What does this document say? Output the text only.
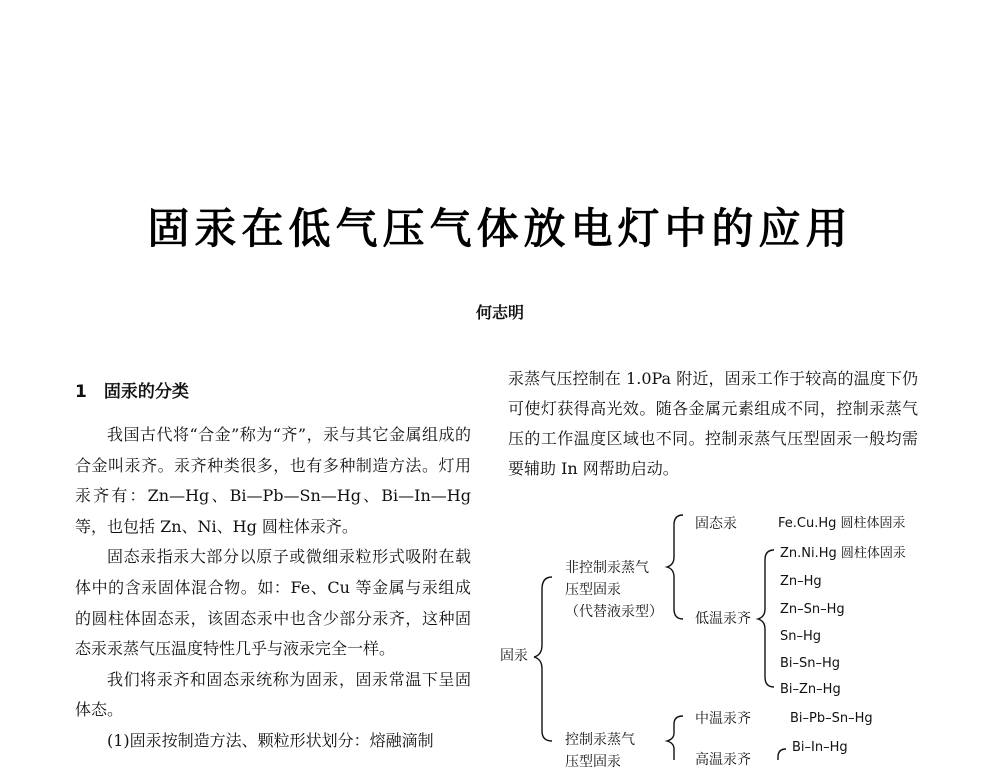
固汞在低气压气体放电灯中的应用
何志明
1　固汞的分类

我国古代将“合金”称为“齐”，汞与其它金属组成的合金叫汞齐。汞齐种类很多，也有多种制造方法。灯用汞齐有：Zn—Hg、Bi—Pb—Sn—Hg、Bi—In—Hg 等，也包括 Zn、Ni、Hg 圆柱体汞齐。

固态汞指汞大部分以原子或微细汞粒形式吸附在载体中的含汞固体混合物。如：Fe、Cu 等金属与汞组成的圆柱体固态汞，该固态汞中也含少部分汞齐，这种固态汞汞蒸气压温度特性几乎与液汞完全一样。

我们将汞齐和固态汞统称为固汞，固汞常温下呈固体态。

(1)固汞按制造方法、颗粒形状划分：熔融滴制

汞蒸气压控制在 1.0Pa 附近，固汞工作于较高的温度下仍可使灯获得高光效。随各金属元素组成不同，控制汞蒸气压的工作温度区域也不同。控制汞蒸气压型固汞一般均需要辅助 In 网帮助启动。

固汞
非控制汞蒸气
压型固汞
（代替液汞型）
固态汞	Fe.Cu.Hg 圆柱体固汞
低温汞齐
Zn.Ni.Hg 圆柱体固汞
Zn–Hg
Zn–Sn–Hg
Sn–Hg
Bi–Sn–Hg
Bi–Zn–Hg
控制汞蒸气
压型固汞
中温汞齐	Bi–Pb–Sn–Hg
高温汞齐
Bi–In–Hg
